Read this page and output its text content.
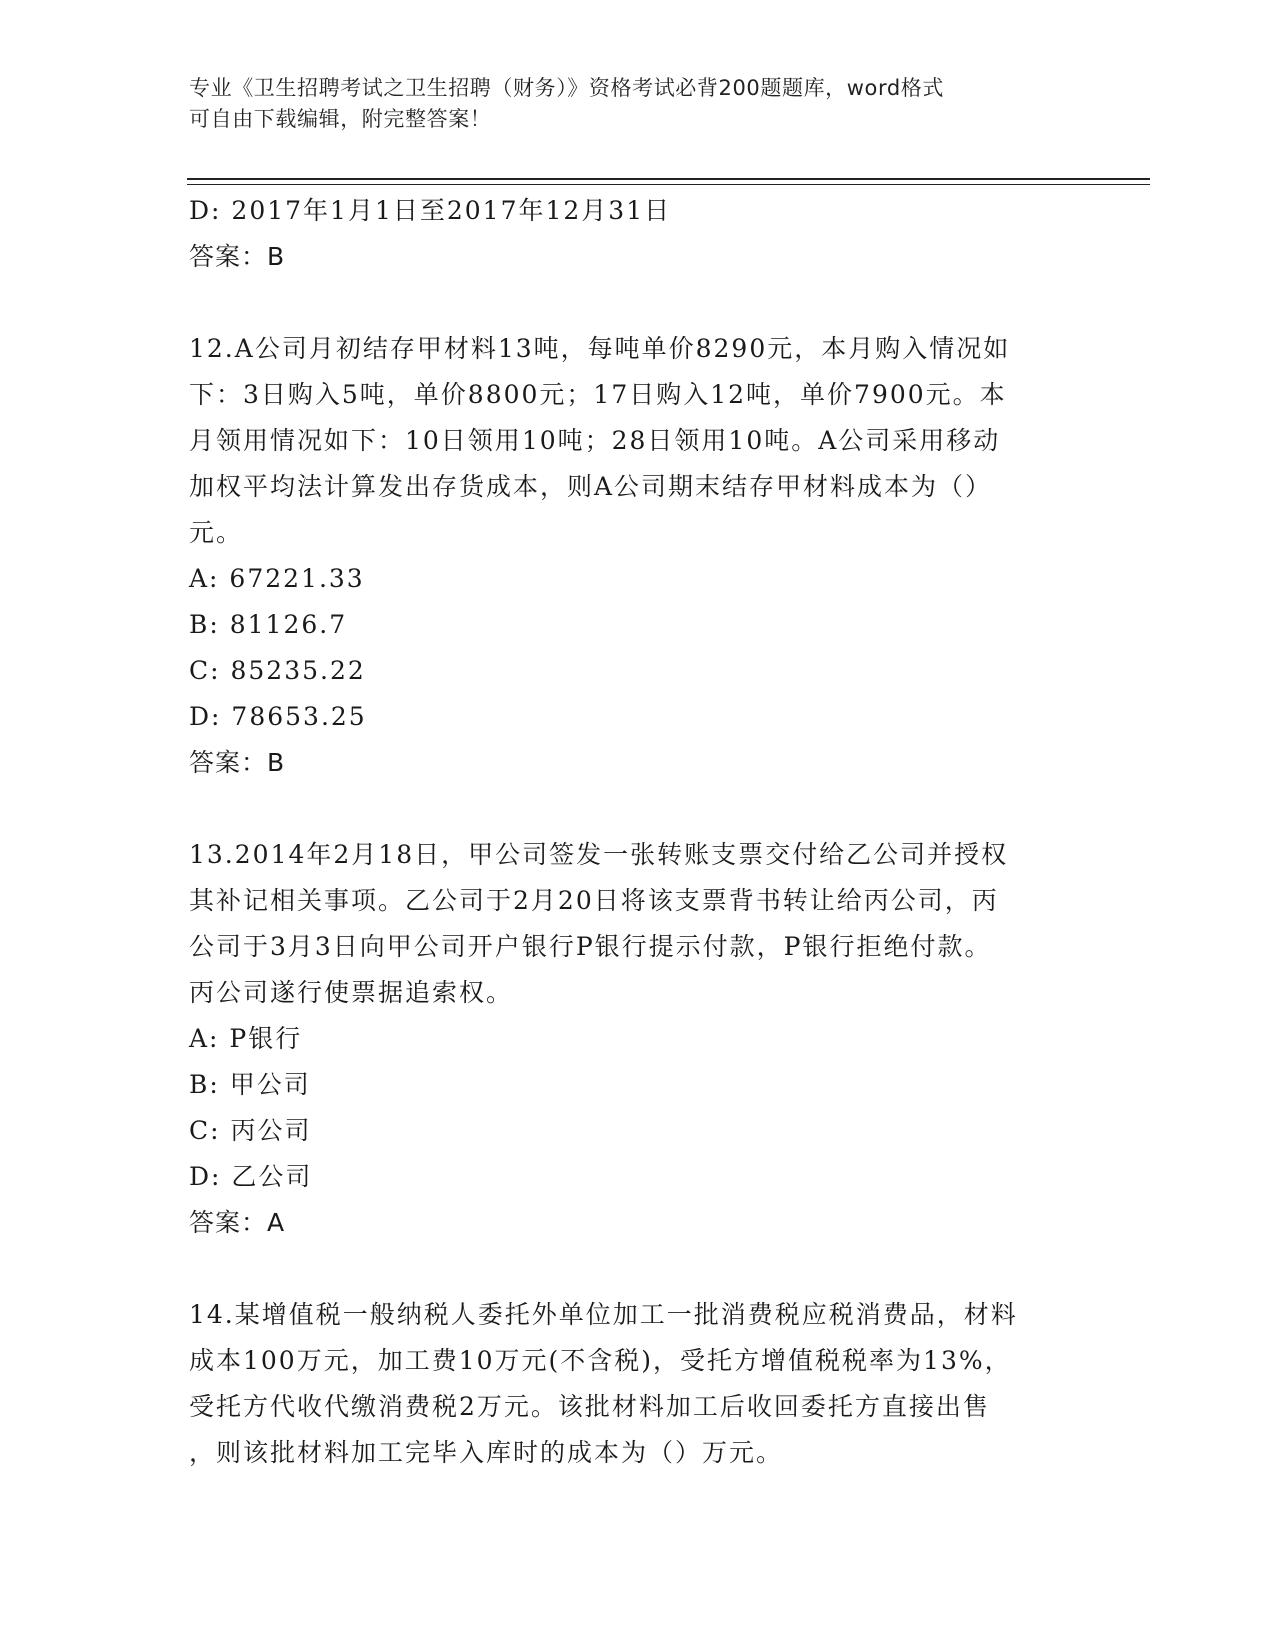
专业《卫生招聘考试之卫生招聘（财务）》资格考试必背200题题库，word格式
可自由下载编辑，附完整答案！

D: 2017年1月1日至2017年12月31日

答案：B

12.A公司月初结存甲材料13吨，每吨单价8290元，本月购入情况如

下：3日购入5吨，单价8800元；17日购入12吨，单价7900元。本

月领用情况如下：10日领用10吨；28日领用10吨。A公司采用移动

加权平均法计算发出存货成本，则A公司期末结存甲材料成本为（）

元。

A: 67221.33

B: 81126.7

C: 85235.22

D: 78653.25

答案：B

13.2014年2月18日，甲公司签发一张转账支票交付给乙公司并授权

其补记相关事项。乙公司于2月20日将该支票背书转让给丙公司，丙

公司于3月3日向甲公司开户银行P银行提示付款，P银行拒绝付款。

丙公司遂行使票据追索权。

A: P银行

B: 甲公司

C: 丙公司

D: 乙公司

答案：A

14.某增值税一般纳税人委托外单位加工一批消费税应税消费品，材料

成本100万元，加工费10万元(不含税)，受托方增值税税率为13%，

受托方代收代缴消费税2万元。该批材料加工后收回委托方直接出售

，则该批材料加工完毕入库时的成本为（）万元。
